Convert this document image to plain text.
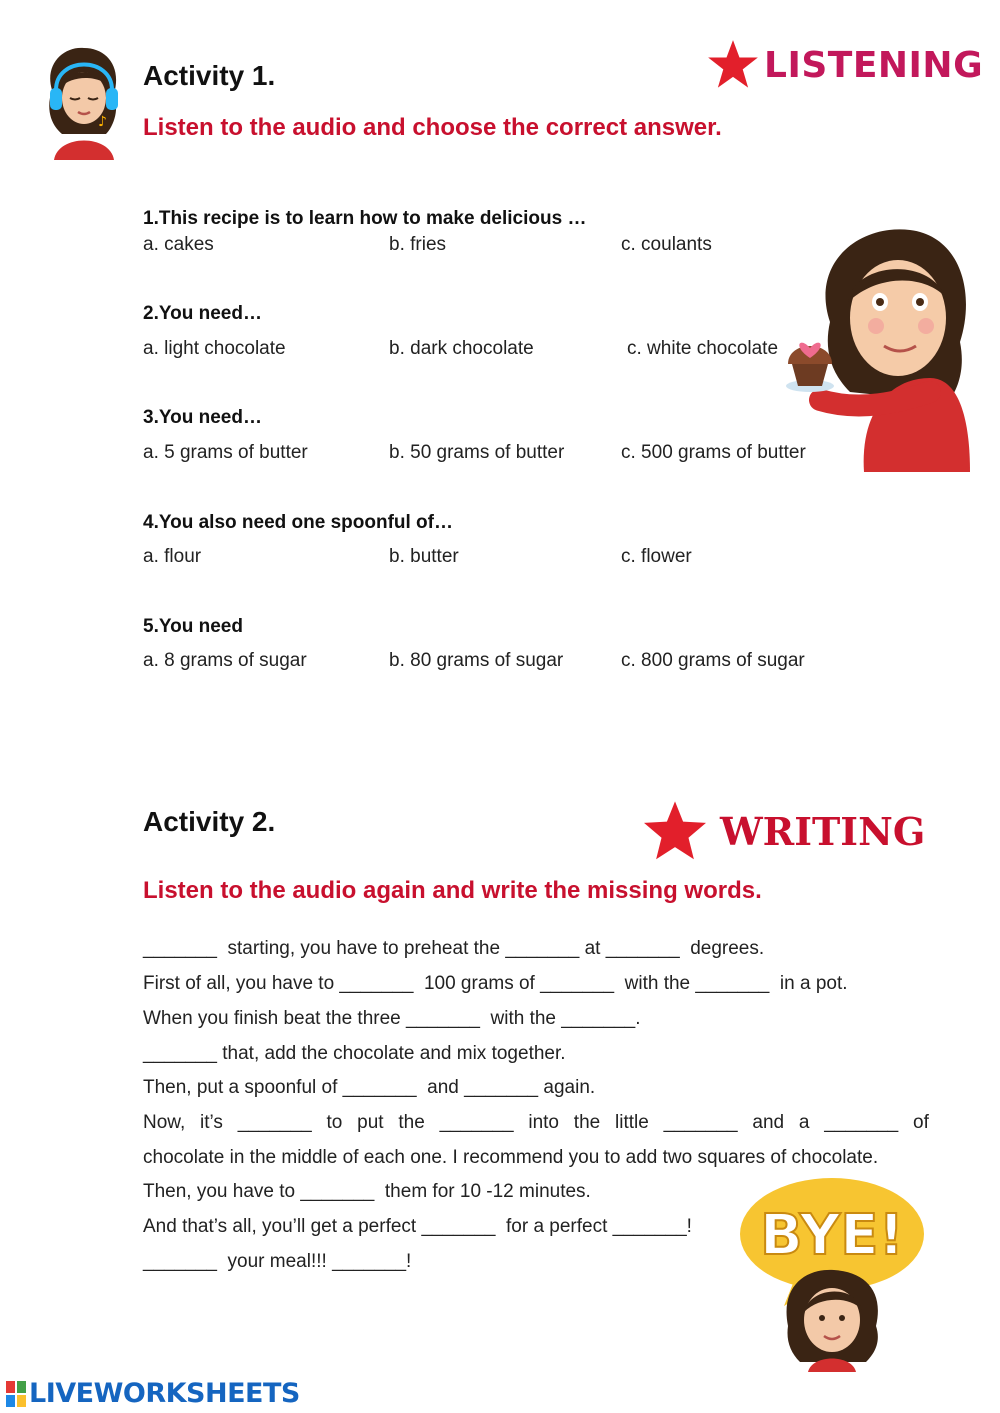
♪
Activity 1.
Listen to the audio and choose the correct answer.
LISTENING
1.This recipe is to learn how to make delicious …
a. cakes	b. fries	c. coulants
2.You need…
a. light chocolate	b. dark chocolate	c. white chocolate
3.You need…
a. 5 grams of butter	b. 50 grams of butter	c. 500 grams of butter
4.You also need one spoonful of…
a. flour	b. butter	c. flower
5.You need
a. 8 grams of sugar	b. 80 grams of sugar	c. 800 grams of sugar
Activity 2.	WRITING
Listen to the audio again and write the missing words.
_______  starting, you have to preheat the _______ at _______  degrees.
First of all, you have to _______  100 grams of _______  with the _______  in a pot.
When you finish beat the three _______  with the _______.
_______ that, add the chocolate and mix together.
Then, put a spoonful of _______  and _______ again.
Now, it’s _______ to put the _______ into the little _______ and a _______ of
chocolate in the middle of each one. I recommend you to add two squares of chocolate.
Then, you have to _______  them for 10 -12 minutes.
And that’s all, you’ll get a perfect _______  for a perfect _______!
_______  your meal!!! _______!	BYE!
LIVEWORKSHEETS
